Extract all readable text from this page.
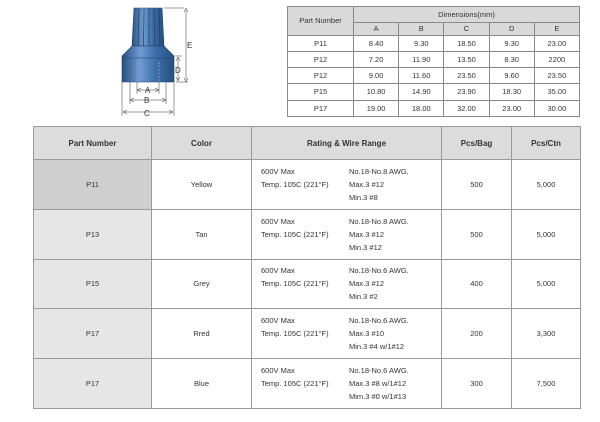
E
D
A
B
C
Part Number	Dimensions(mm)				
	A	B	C	D	E
P11	8.40	9.30	18.50	9.30	23.00
P12	7.20	11.90	13.50	8.30	2200
P12	9.00	11.60	23.50	9.60	23.50
P15	10.80	14.90	23.90	18.30	35.00
P17	19.00	18.00	32.00	23.00	30.00
Part Number	Color	Rating & Wire Range	Pcs/Bag	Pcs/Ctn
P11	Yellow	600V Max
Temp. 105C (221°F)
No.18-No.8 AWG,
Max.3 #12
Min.3 #8	500	5,000
P13	Tan	600V Max
Temp. 105C (221°F)
No.18-No.8 AWG.
Max.3 #12
Min.3 #12	500	5,000
P15	Grey	600V Max
Temp. 105C (221°F)
No.18-No.6 AWG.
Max.3 #12
Min.3 #2	400	5,000
P17	Rred	600V Max
Temp. 105C (221°F)
No.18-No.6 AWG.
Max.3 #10
Min.3 #4 w/1#12	200	3,300
P17	Blue	600V Max
Temp. 105C (221°F)
No.18-No.6 AWG.
Max.3 #8 w/1#12
Mim.3 #0 w/1#13	300	7,500
